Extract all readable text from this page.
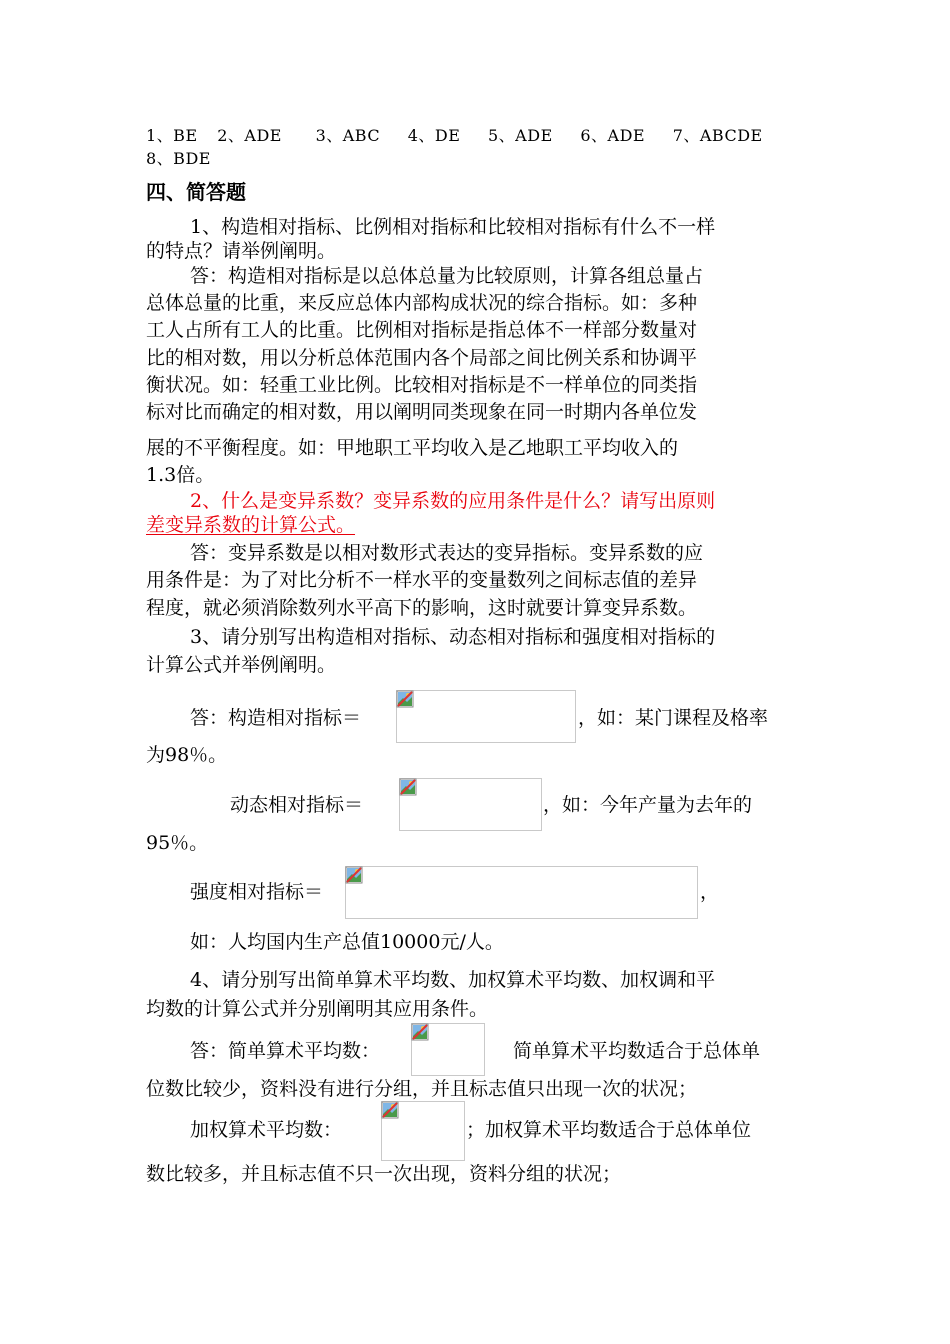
1、BE 2、ADE 3、ABC 4、DE 5、ADE 6、ADE 7、ABCDE
8、BDE
四、简答题
1、构造相对指标、比例相对指标和比较相对指标有什么不一样
的特点？请举例阐明。
答：构造相对指标是以总体总量为比较原则，计算各组总量占
总体总量的比重，来反应总体内部构成状况的综合指标。如：多种
工人占所有工人的比重。比例相对指标是指总体不一样部分数量对
比的相对数，用以分析总体范围内各个局部之间比例关系和协调平
衡状况。如：轻重工业比例。比较相对指标是不一样单位的同类指
标对比而确定的相对数，用以阐明同类现象在同一时期内各单位发
展的不平衡程度。如：甲地职工平均收入是乙地职工平均收入的
1.3倍。
2、什么是变异系数？变异系数的应用条件是什么？请写出原则
差变异系数的计算公式。
答：变异系数是以相对数形式表达的变异指标。变异系数的应
用条件是：为了对比分析不一样水平的变量数列之间标志值的差异
程度，就必须消除数列水平高下的影响，这时就要计算变异系数。
3、请分别写出构造相对指标、动态相对指标和强度相对指标的
计算公式并举例阐明。
答：构造相对指标＝	，如：某门课程及格率
为98％。
动态相对指标＝	，如：今年产量为去年的
95％。
强度相对指标＝	，
如：人均国内生产总值10000元/人。
4、请分别写出简单算术平均数、加权算术平均数、加权调和平
均数的计算公式并分别阐明其应用条件。
答：简单算术平均数：	简单算术平均数适合于总体单
位数比较少，资料没有进行分组，并且标志值只出现一次的状况；
加权算术平均数：	；加权算术平均数适合于总体单位
数比较多，并且标志值不只一次出现，资料分组的状况；
